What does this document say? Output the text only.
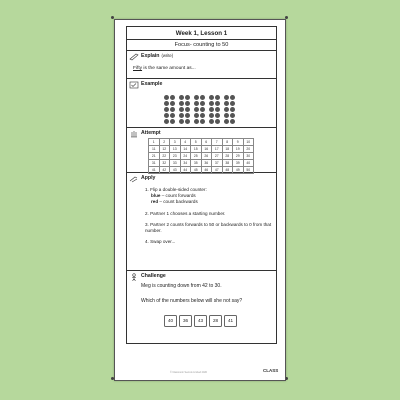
Week 1, Lesson 1
Focus- counting to 50
Explain (write)
Fifty is the same amount as...
Example
Attempt
1	2	3	4	5	6	7	8	9	10
11	12	13	14	15	16	17	18	19	20
21	22	23	24	25	26	27	28	29	30
31	32	33	34	35	36	37	38	39	40
41	42	43	44	45	46	47	48	49	50
Apply
1. Flip a double-sided counter:
blue – count forwards
red – count backwards
2. Partner 1 chooses a starting number.
3. Partner 2 counts forwards to 50 or backwards to 0 from that number.
4. Swap over...
Challenge
Meg is counting down from 42 to 30.
Which of the numbers below will she not say?
40	36	43	28	41
© Classroom Secrets Limited 2020	CLASS
